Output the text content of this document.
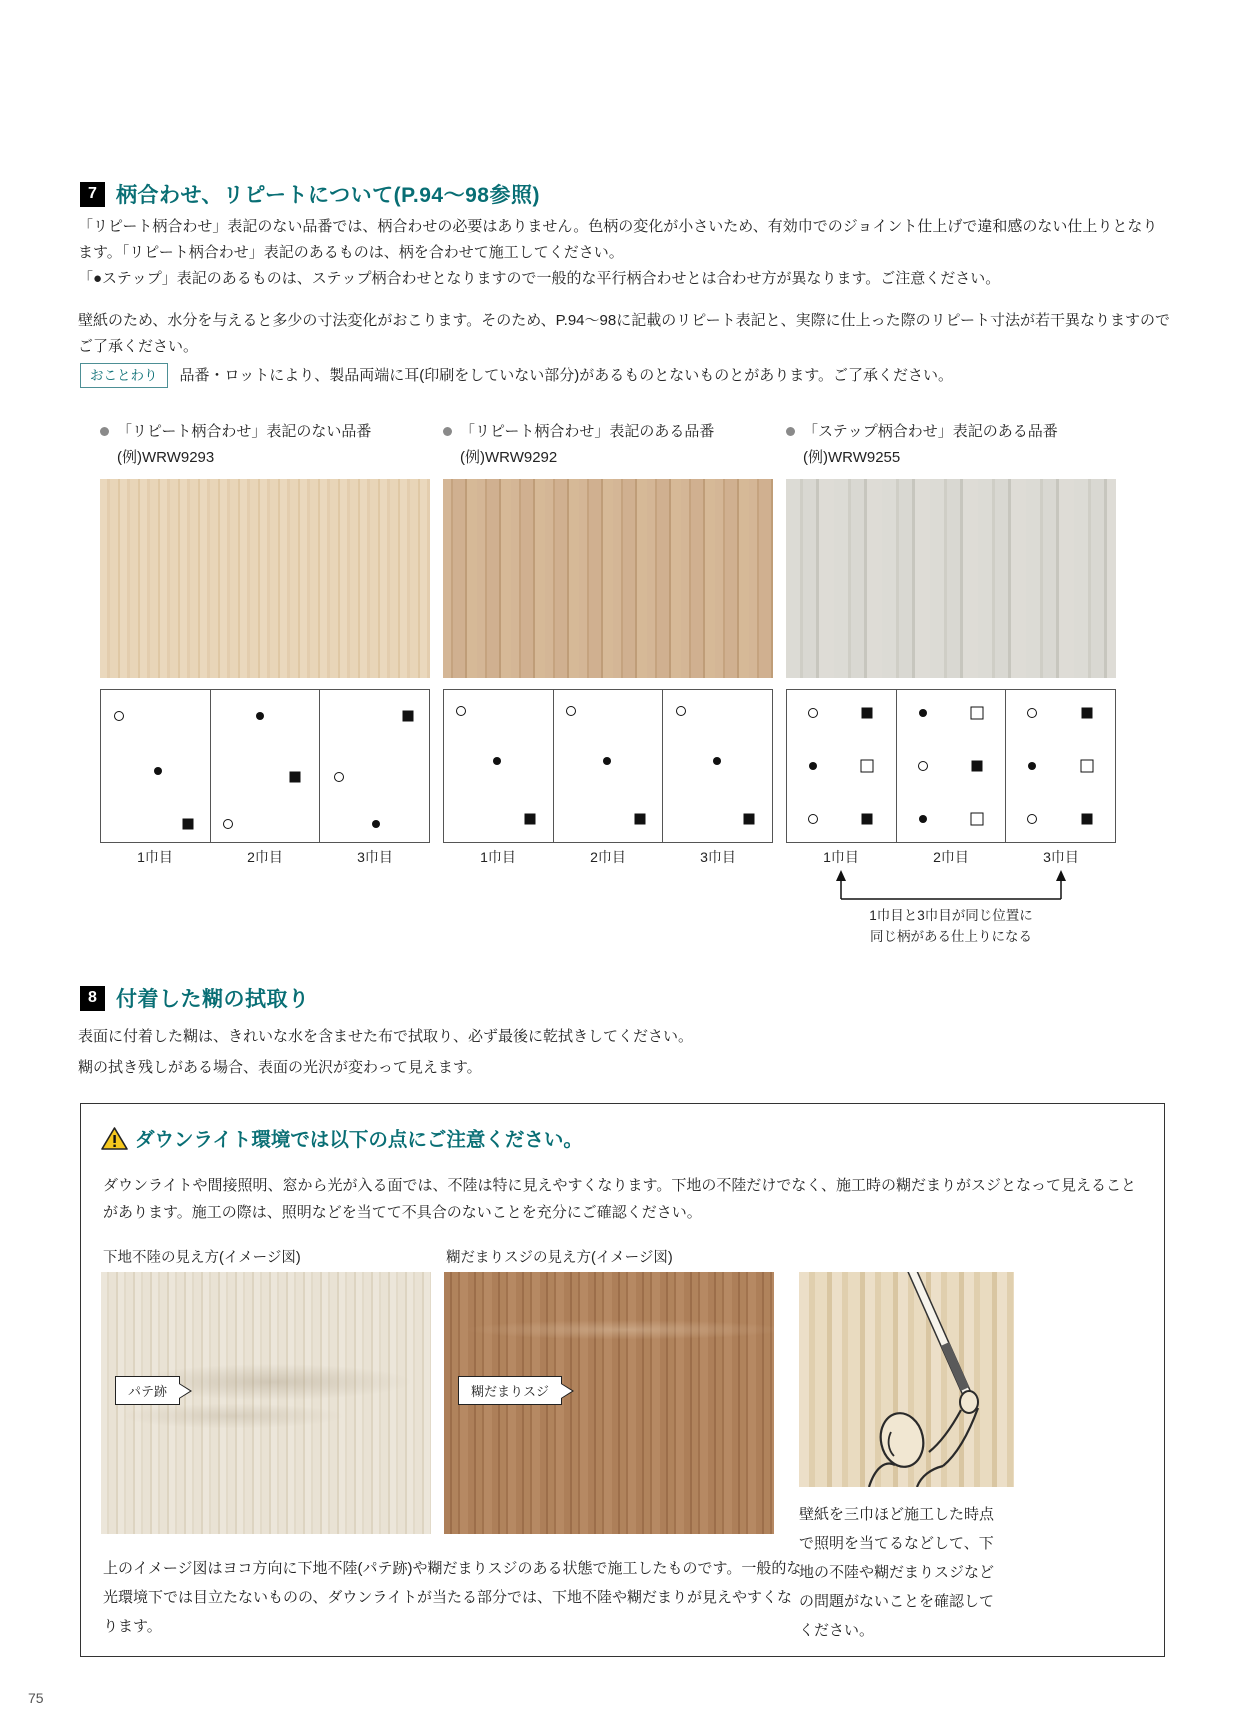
7 柄合わせ、リピートについて(P.94～98参照)
「リピート柄合わせ」表記のない品番では、柄合わせの必要はありません。色柄の変化が小さいため、有効巾でのジョイント仕上げで違和感のない仕上りとなります。「リピート柄合わせ」表記のあるものは、柄を合わせて施工してください。
「●ステップ」表記のあるものは、ステップ柄合わせとなりますので一般的な平行柄合わせとは合わせ方が異なります。ご注意ください。
壁紙のため、水分を与えると多少の寸法変化がおこります。そのため、P.94～98に記載のリピート表記と、実際に仕上った際のリピート寸法が若干異なりますのでご了承ください。
おことわり	品番・ロットにより、製品両端に耳(印刷をしていない部分)があるものとないものとがあります。ご了承ください。
「リピート柄合わせ」表記のない品番
(例)WRW9293
1巾目	2巾目	3巾目
「リピート柄合わせ」表記のある品番
(例)WRW9292
1巾目	2巾目	3巾目
「ステップ柄合わせ」表記のある品番
(例)WRW9255
1巾目	2巾目	3巾目
1巾目と3巾目が同じ位置に
同じ柄がある仕上りになる
8 付着した糊の拭取り
表面に付着した糊は、きれいな水を含ませた布で拭取り、必ず最後に乾拭きしてください。
糊の拭き残しがある場合、表面の光沢が変わって見えます。
ダウンライト環境では以下の点にご注意ください。
ダウンライトや間接照明、窓から光が入る面では、不陸は特に見えやすくなります。下地の不陸だけでなく、施工時の糊だまりがスジとなって見えることがあります。施工の際は、照明などを当てて不具合のないことを充分にご確認ください。
下地不陸の見え方(イメージ図)	糊だまりスジの見え方(イメージ図)
パテ跡	糊だまりスジ
上のイメージ図はヨコ方向に下地不陸(パテ跡)や糊だまりスジのある状態で施工したものです。一般的な光環境下では目立たないものの、ダウンライトが当たる部分では、下地不陸や糊だまりが見えやすくなります。
壁紙を三巾ほど施工した時点で照明を当てるなどして、下地の不陸や糊だまりスジなどの問題がないことを確認してください。
75
